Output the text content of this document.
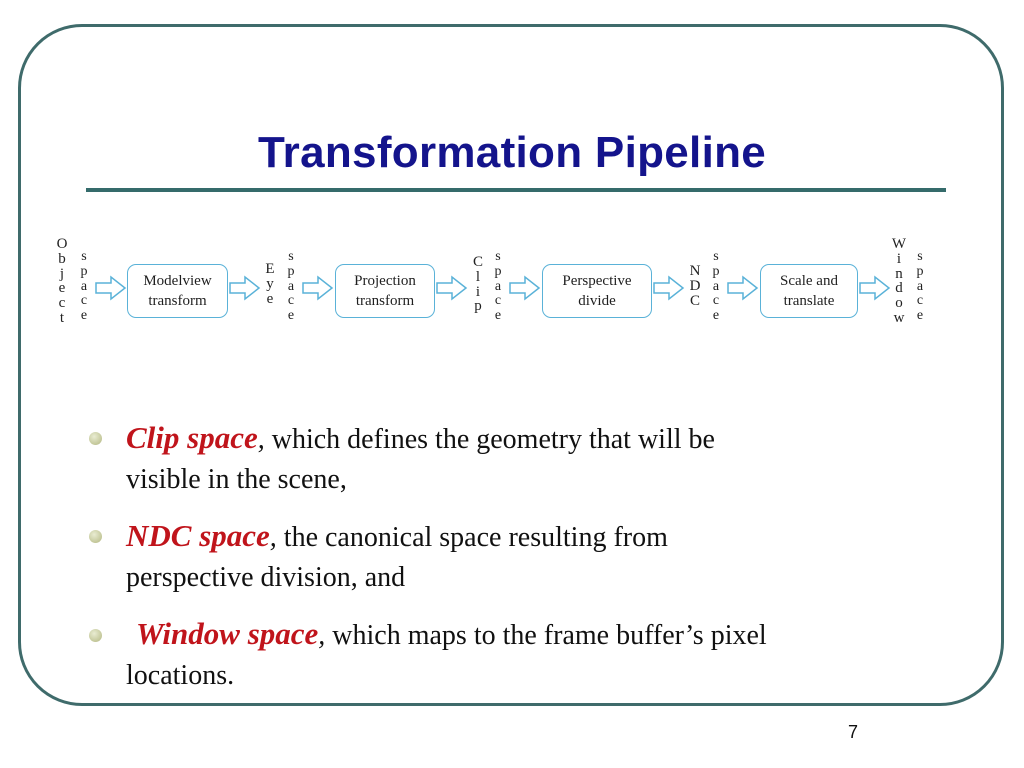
Transformation Pipeline
O
b
j
e
c
t
s
p
a
c
e
Modelview
transform
E
y
e
s
p
a
c
e
Projection
transform
C
l
i
p
s
p
a
c
e
Perspective
divide
N
D
C
s
p
a
c
e
Scale and
translate
W
i
n
d
o
w
s
p
a
c
e
Clip space, which defines the geometry that will be
visible in the scene,
NDC space, the canonical space resulting from
perspective division, and
Window space, which maps to the frame buffer’s pixel
locations.
7
